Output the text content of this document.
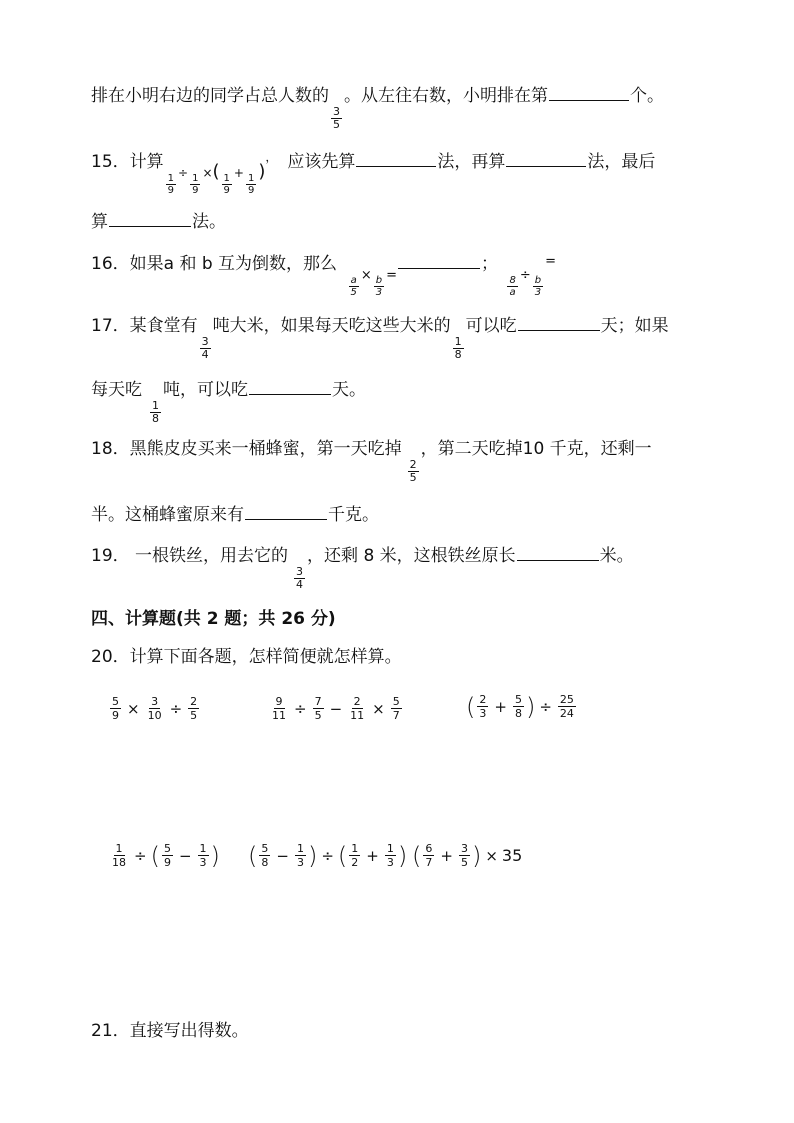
排在小明右边的同学占总人数的
$\frac{3}{5}$
。从左往右数，小明排在第	个。
15．计算
$\frac{1}{9} _\div \frac{1}{9} _\times$(
$\frac{1}{9} _+ \frac{1}{9}$
)， 应该先算	法，再算	法，最后
算	法。
16．如果a 和 b 互为倒数，那么
$\frac{a}{5} _\times \frac{b}{3} _=$；
$\frac{8}{a} _\div \frac{b}{3}$
=
17．某食堂有
$\frac{3}{4}$
吨大米，如果每天吃这些大米的
$\frac{1}{8}$
可以吃	天；如果
每天吃
$\frac{1}{8}$
吨，可以吃	天。
18．黑熊皮皮买来一桶蜂蜜，第一天吃掉
$\frac{2}{5}$
，第二天吃掉10 千克，还剩一
半。这桶蜂蜜原来有	千克。
19． 一根铁丝，用去它的
$\frac{3}{4}$
，还剩 8 米，这根铁丝原长	米。
四、计算题(共 2 题；共 26 分)
20．计算下面各题，怎样简便就怎样算。
$\frac{5}{9} \times \frac{3}{10} \div \frac{2}{5}$	$\frac{9}{11} \div \frac{7}{5} - \frac{2}{11} \times \frac{5}{7}$	( $\frac{2}{3} + \frac{5}{8}$ ) ÷ $\frac{25}{24}$
$\frac{1}{18}$ ÷ ( $\frac{5}{9} - \frac{1}{3}$ ) ( $\frac{5}{8} - \frac{1}{3}$ ) ÷ ( $\frac{1}{2} + \frac{1}{3}$ ) ( $\frac{6}{7} + \frac{3}{5}$ ) × 35
21．直接写出得数。
